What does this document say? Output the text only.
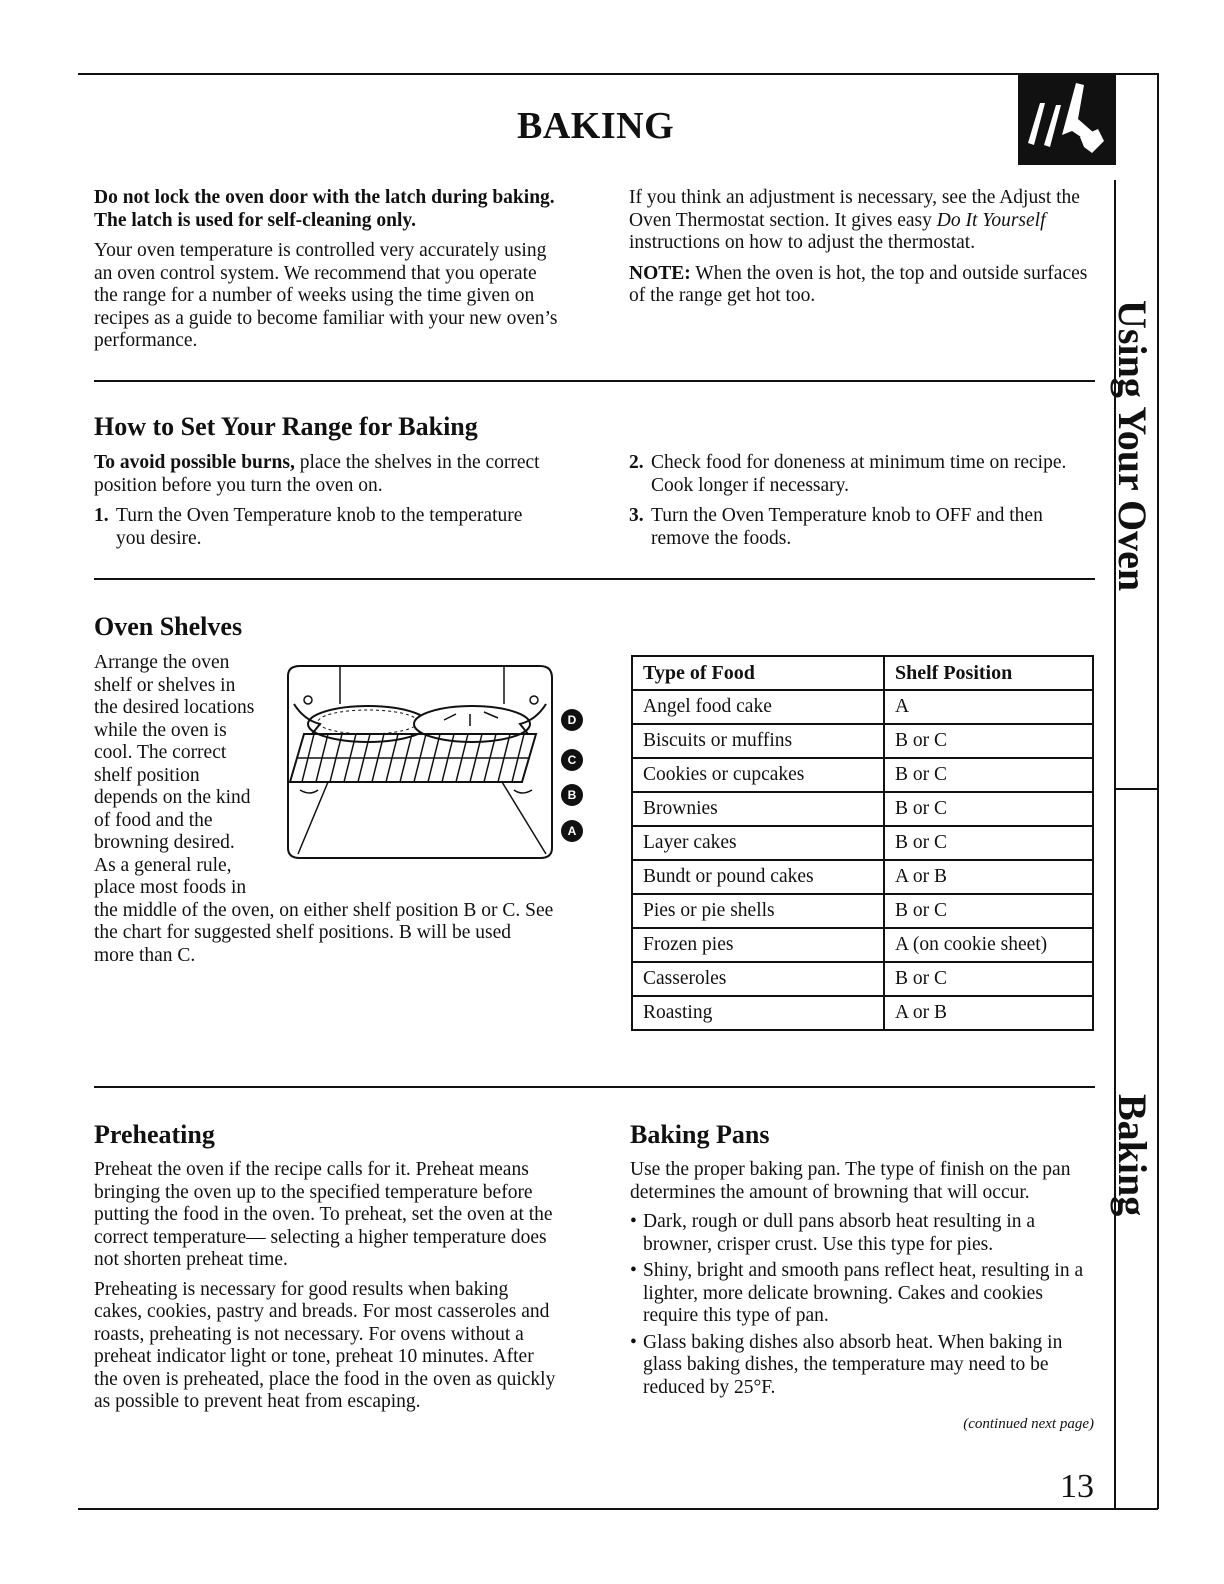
BAKING
Using Your Oven
Baking

Do not lock the oven door with the latch during baking. The latch is used for self-cleaning only.

Your oven temperature is controlled very accurately using an oven control system. We recommend that you operate the range for a number of weeks using the time given on recipes as a guide to become familiar with your new oven’s performance.

If you think an adjustment is necessary, see the Adjust the Oven Thermostat section. It gives easy Do It Yourself instructions on how to adjust the thermostat.

NOTE: When the oven is hot, the top and outside surfaces of the range get hot too.

How to Set Your Range for Baking

To avoid possible burns, place the shelves in the correct position before you turn the oven on.

1. Turn the Oven Temperature knob to the temperature you desire.

2. Check food for doneness at minimum time on recipe. Cook longer if necessary.

3. Turn the Oven Temperature knob to OFF and then remove the foods.

Oven Shelves
Arrange the oven
shelf or shelves in
the desired locations
while the oven is
cool. The correct
shelf position
depends on the kind
of food and the
browning desired.
As a general rule,
place most foods in

the middle of the oven, on either shelf position B or C. See the chart for suggested shelf positions. B will be used more than C.

D
C
B
A
Type of Food	Shelf Position
Angel food cake	A
Biscuits or muffins	B or C
Cookies or cupcakes	B or C
Brownies	B or C
Layer cakes	B or C
Bundt or pound cakes	A or B
Pies or pie shells	B or C
Frozen pies	A (on cookie sheet)
Casseroles	B or C
Roasting	A or B
Preheating

Preheat the oven if the recipe calls for it. Preheat means bringing the oven up to the specified temperature before putting the food in the oven. To preheat, set the oven at the correct temperature— selecting a higher temperature does not shorten preheat time.

Preheating is necessary for good results when baking cakes, cookies, pastry and breads. For most casseroles and roasts, preheating is not necessary. For ovens without a preheat indicator light or tone, preheat 10 minutes. After the oven is preheated, place the food in the oven as quickly as possible to prevent heat from escaping.

Baking Pans

Use the proper baking pan. The type of finish on the pan determines the amount of browning that will occur.

• Dark, rough or dull pans absorb heat resulting in a browner, crisper crust. Use this type for pies.
• Shiny, bright and smooth pans reflect heat, resulting in a lighter, more delicate browning. Cakes and cookies require this type of pan.
• Glass baking dishes also absorb heat. When baking in glass baking dishes, the temperature may need to be reduced by 25°F.
(continued next page)
13
